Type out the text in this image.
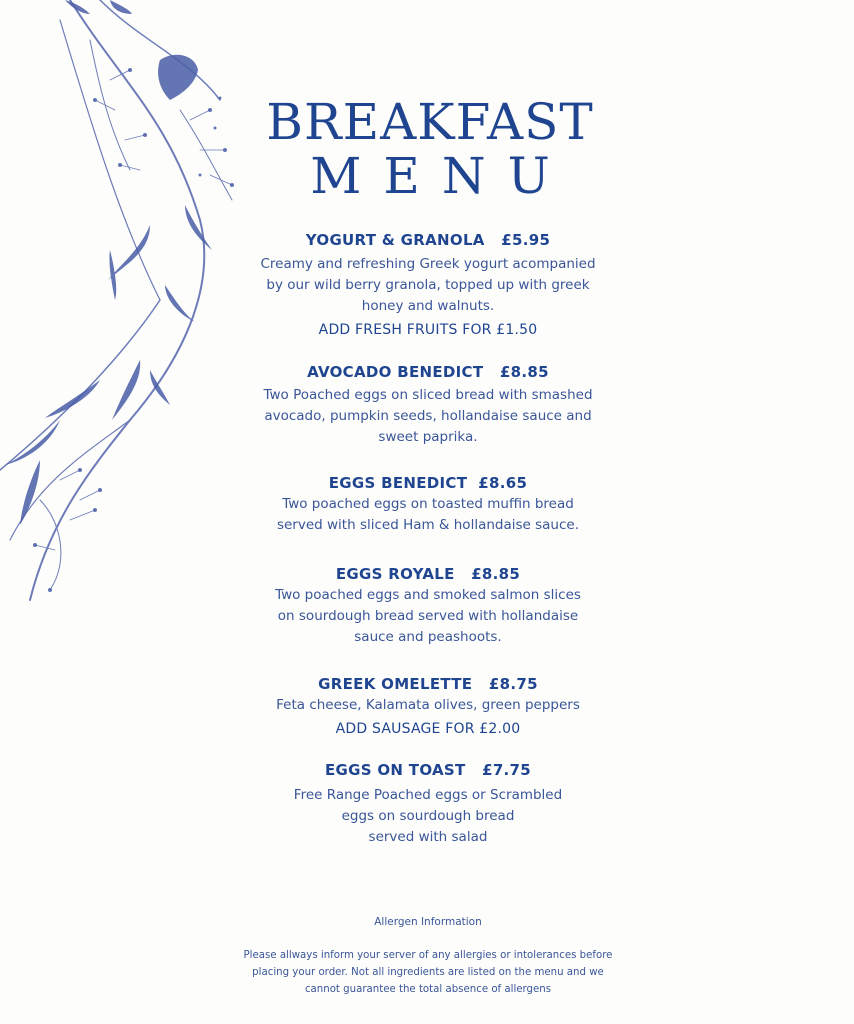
BREAKFAST
MENU
YOGURT & GRANOLA   £5.95
Creamy and refreshing Greek yogurt acompanied
by our wild berry granola, topped up with greek
honey and walnuts.
ADD FRESH FRUITS FOR £1.50
AVOCADO BENEDICT   £8.85
Two Poached eggs on sliced bread with smashed
avocado, pumpkin seeds, hollandaise sauce and
sweet paprika.
EGGS BENEDICT  £8.65
Two poached eggs on toasted muffin bread
served with sliced Ham & hollandaise sauce.
EGGS ROYALE   £8.85
Two poached eggs and smoked salmon slices
on sourdough bread served with hollandaise
sauce and peashoots.
GREEK OMELETTE   £8.75
Feta cheese, Kalamata olives, green peppers
ADD SAUSAGE FOR £2.00
EGGS ON TOAST   £7.75
Free Range Poached eggs or Scrambled
eggs on sourdough bread
served with salad
Allergen Information
Please allways inform your server of any allergies or intolerances before
placing your order. Not all ingredients are listed on the menu and we
cannot guarantee the total absence of allergens
